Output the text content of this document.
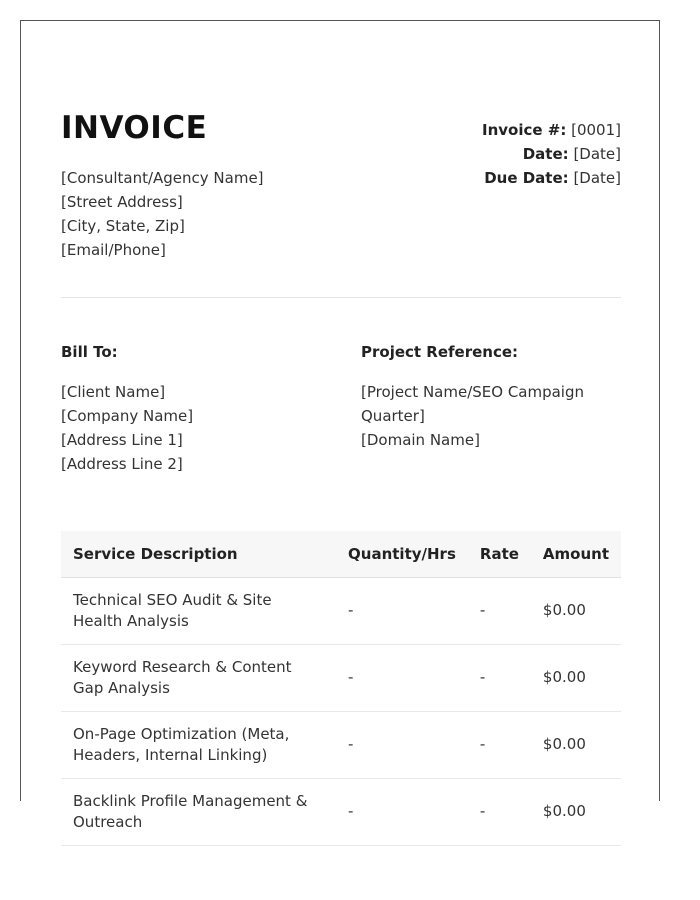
INVOICE
[Consultant/Agency Name]
[Street Address]
[City, State, Zip]
[Email/Phone]
Invoice #: [0001]
Date: [Date]
Due Date: [Date]
Bill To:
[Client Name]
[Company Name]
[Address Line 1]
[Address Line 2]
Project Reference:
[Project Name/SEO Campaign Quarter]
[Domain Name]
Service Description	Quantity/Hrs	Rate	Amount
Technical SEO Audit & Site Health Analysis	-	-	$0.00
Keyword Research & Content Gap Analysis	-	-	$0.00
On-Page Optimization (Meta, Headers, Internal Linking)	-	-	$0.00
Backlink Profile Management & Outreach	-	-	$0.00
